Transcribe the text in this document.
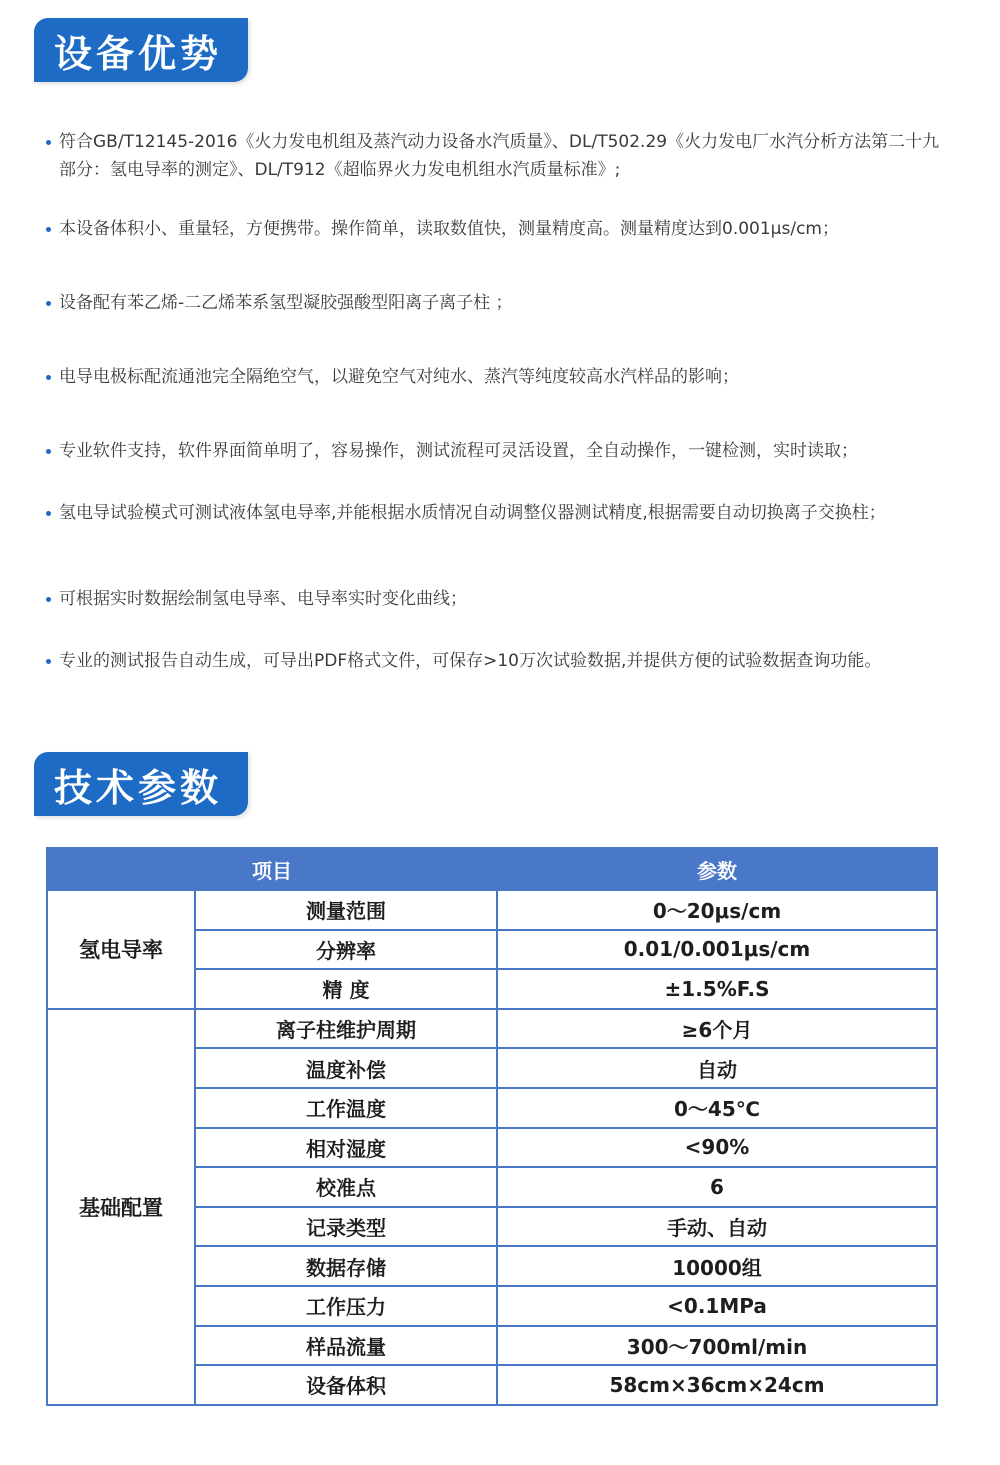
设备优势
符合GB/T12145-2016《火力发电机组及蒸汽动力设备水汽质量》、DL/T502.29《火力发电厂水汽分析方法第二十九部分：氢电导率的测定》、DL/T912《超临界火力发电机组水汽质量标准》;
本设备体积小、重量轻，方便携带。操作简单，读取数值快，测量精度高。测量精度达到0.001μs/cm；
设备配有苯乙烯-二乙烯苯系氢型凝胶强酸型阳离子离子柱 ；
电导电极标配流通池完全隔绝空气，以避免空气对纯水、蒸汽等纯度较高水汽样品的影响；
专业软件支持，软件界面简单明了，容易操作，测试流程可灵活设置，全自动操作，一键检测，实时读取；
氢电导试验模式可测试液体氢电导率,并能根据水质情况自动调整仪器测试精度,根据需要自动切换离子交换柱；
可根据实时数据绘制氢电导率、电导率实时变化曲线；
专业的测试报告自动生成，可导出PDF格式文件，可保存>10万次试验数据,并提供方便的试验数据查询功能。
技术参数
项目		参数
氢电导率	测量范围	0～20μs/cm
	分辨率	0.01/0.001μs/cm
	精 度	±1.5%F.S
基础配置	离子柱维护周期	≥6个月
	温度补偿	自动
	工作温度	0～45℃
	相对湿度	<90%
	校准点	6
	记录类型	手动、自动
	数据存储	10000组
	工作压力	<0.1MPa
	样品流量	300～700ml/min
	设备体积	58cm×36cm×24cm
